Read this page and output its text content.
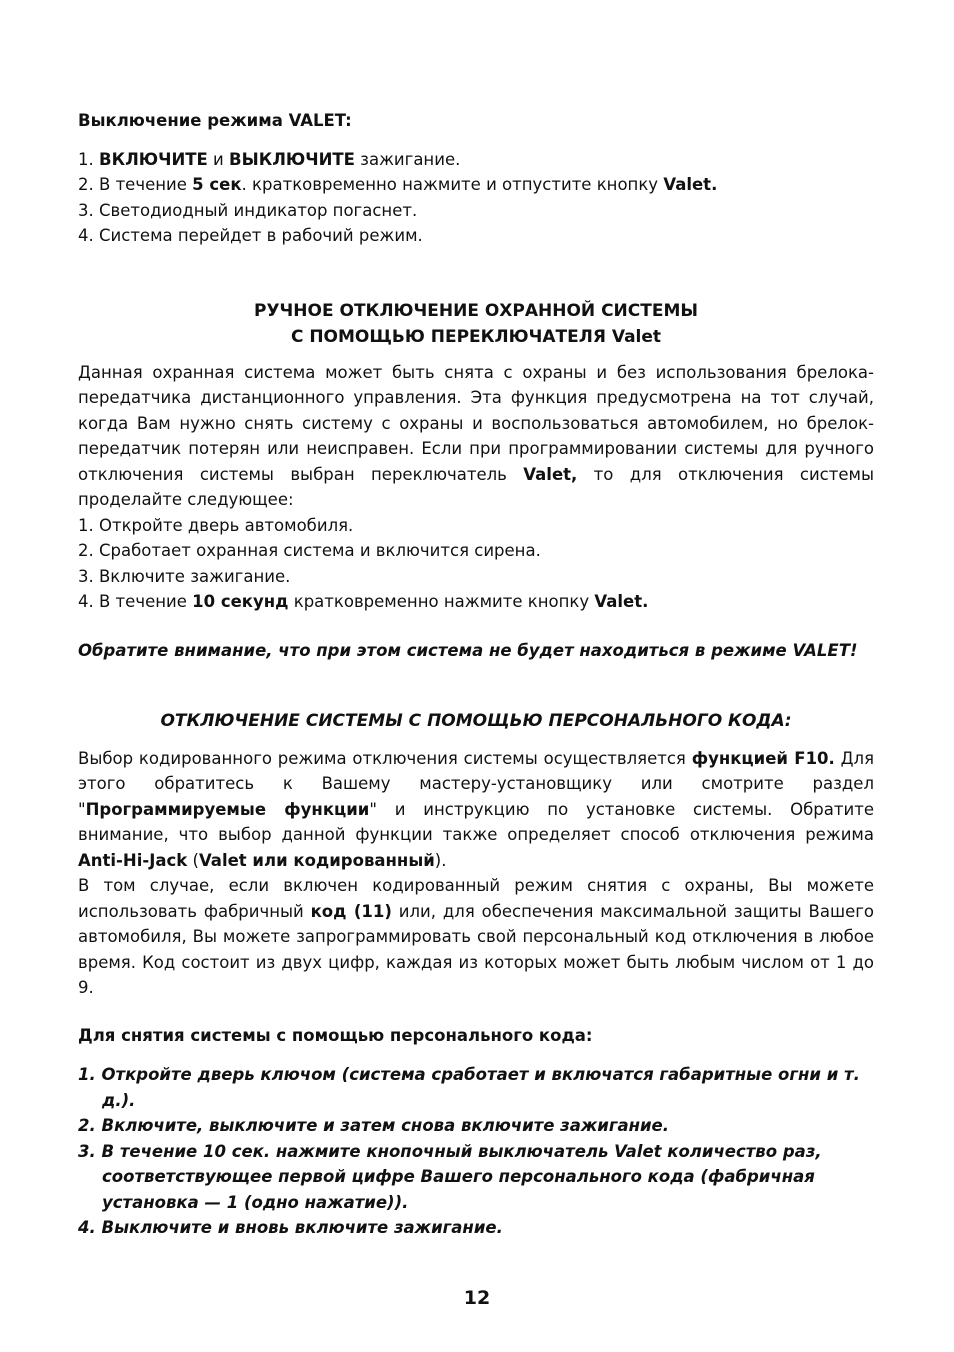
Выключение режима VALET:

1. ВКЛЮЧИТЕ и ВЫКЛЮЧИТЕ зажигание.
2. В течение 5 сек. кратковременно нажмите и отпустите кнопку Valet.
3. Светодиодный индикатор погаснет.
4. Система перейдет в рабочий режим.
РУЧНОЕ ОТКЛЮЧЕНИЕ ОХРАННОЙ СИСТЕМЫ
С ПОМОЩЬЮ ПЕРЕКЛЮЧАТЕЛЯ Valet

Данная охранная система может быть снята с охраны и без использования брелока-передатчика дистанционного управления. Эта функция предусмотрена на тот случай, когда Вам нужно снять систему с охраны и воспользоваться автомобилем, но брелок-передатчик потерян или неисправен. Если при программировании системы для ручного отключения системы выбран переключатель Valet, то для отключения системы проделайте следующее:

1. Откройте дверь автомобиля.
2. Сработает охранная система и включится сирена.
3. Включите зажигание.
4. В течение 10 секунд кратковременно нажмите кнопку Valet.

Обратите внимание, что при этом система не будет находиться в режиме VALET!

ОТКЛЮЧЕНИЕ СИСТЕМЫ С ПОМОЩЬЮ ПЕРСОНАЛЬНОГО КОДА:

Выбор кодированного режима отключения системы осуществляется функцией F10. Для этого обратитесь к Вашему мастеру-установщику или смотрите раздел "Программируемые функции" и инструкцию по установке системы. Обратите внимание, что выбор данной функции также определяет способ отключения режима Anti-Hi-Jack (Valet или кодированный).

В том случае, если включен кодированный режим снятия с охраны, Вы можете использовать фабричный код (11) или, для обеспечения максимальной защиты Вашего автомобиля, Вы можете запрограммировать свой персональный код отключения в любое время. Код состоит из двух цифр, каждая из которых может быть любым числом от 1 до 9.

Для снятия системы с помощью персонального кода:

1. Откройте дверь ключом (система сработает и включатся габаритные огни и т. д.).
2. Включите, выключите и затем снова включите зажигание.
3. В течение 10 сек. нажмите кнопочный выключатель Valet количество раз, соответствующее первой цифре Вашего персонального кода (фабричная установка — 1 (одно нажатие)).
4. Выключите и вновь включите зажигание.
12
